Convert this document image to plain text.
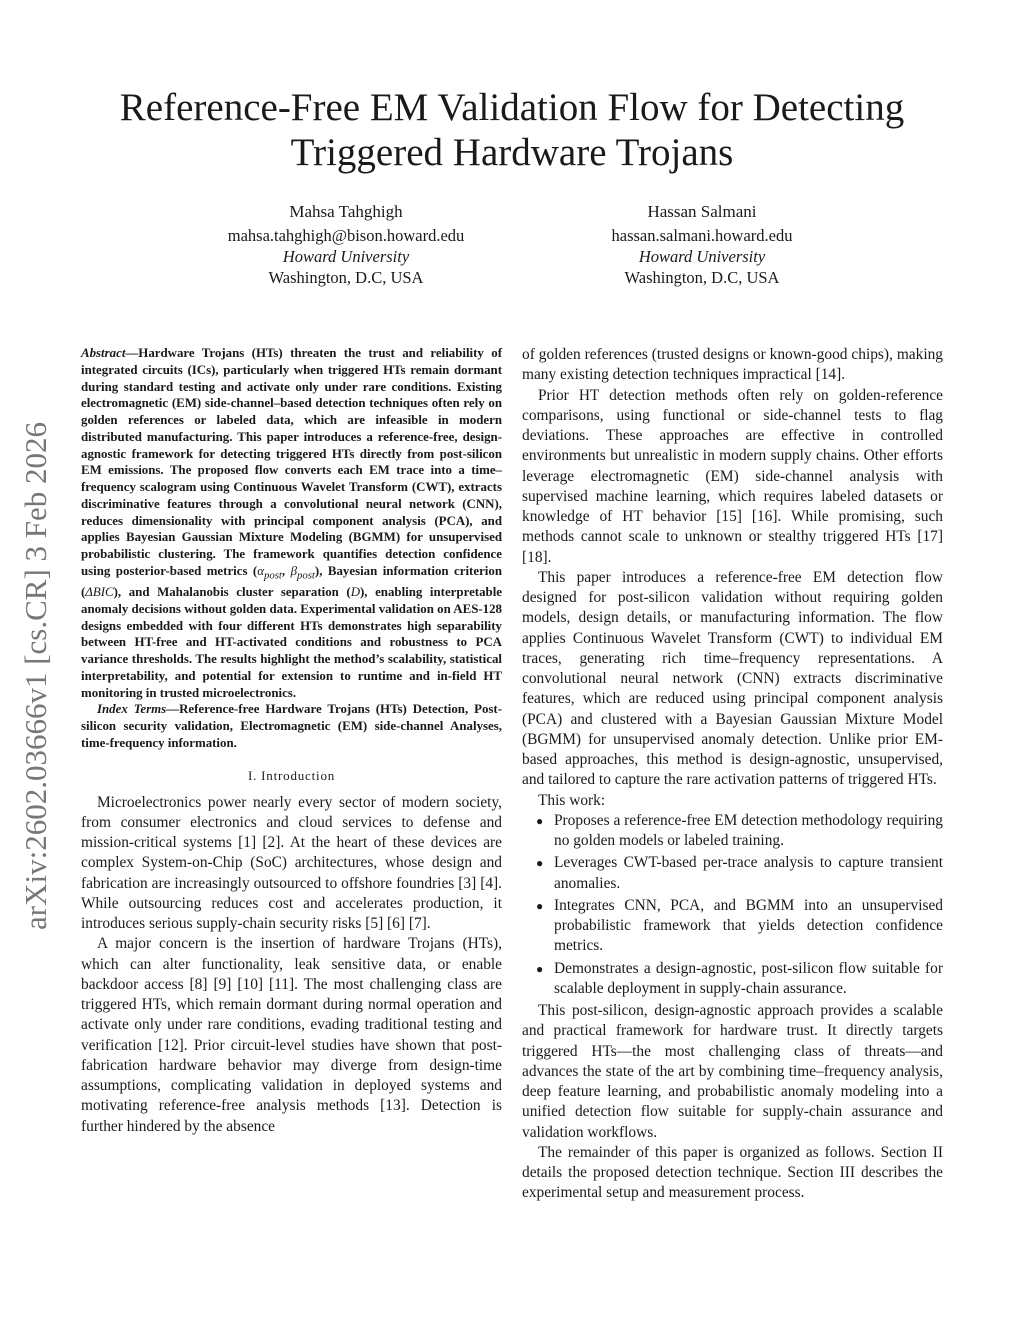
arXiv:2602.03666v1 [cs.CR] 3 Feb 2026
Reference-Free EM Validation Flow for Detecting Triggered Hardware Trojans
Mahsa Tahghigh
mahsa.tahghigh@bison.howard.edu
Howard University
Washington, D.C, USA
Hassan Salmani
hassan.salmani.howard.edu
Howard University
Washington, D.C, USA

Abstract—Hardware Trojans (HTs) threaten the trust and reliability of integrated circuits (ICs), particularly when triggered HTs remain dormant during standard testing and activate only under rare conditions. Existing electromagnetic (EM) side-channel–based detection techniques often rely on golden references or labeled data, which are infeasible in modern distributed manufacturing. This paper introduces a reference-free, design-agnostic framework for detecting triggered HTs directly from post-silicon EM emissions. The proposed flow converts each EM trace into a time–frequency scalogram using Continuous Wavelet Transform (CWT), extracts discriminative features through a convolutional neural network (CNN), reduces dimensionality with principal component analysis (PCA), and applies Bayesian Gaussian Mixture Modeling (BGMM) for unsupervised probabilistic clustering. The framework quantifies detection confidence using posterior-based metrics ($\alpha_{post}$, $\beta_{post}$), Bayesian information criterion (ΔBIC), and Mahalanobis cluster separation (D), enabling interpretable anomaly decisions without golden data. Experimental validation on AES-128 designs embedded with four different HTs demonstrates high separability between HT-free and HT-activated conditions and robustness to PCA variance thresholds. The results highlight the method’s scalability, statistical interpretability, and potential for extension to runtime and in-field HT monitoring in trusted microelectronics.

Index Terms—Reference-free Hardware Trojans (HTs) Detection, Post-silicon security validation, Electromagnetic (EM) side-channel Analyses, time-frequency information.

I. Introduction

Microelectronics power nearly every sector of modern society, from consumer electronics and cloud services to defense and mission-critical systems [1] [2]. At the heart of these devices are complex System-on-Chip (SoC) architectures, whose design and fabrication are increasingly outsourced to offshore foundries [3] [4]. While outsourcing reduces cost and accelerates production, it introduces serious supply-chain security risks [5] [6] [7].

A major concern is the insertion of hardware Trojans (HTs), which can alter functionality, leak sensitive data, or enable backdoor access [8] [9] [10] [11]. The most challenging class are triggered HTs, which remain dormant during normal operation and activate only under rare conditions, evading traditional testing and verification [12]. Prior circuit-level studies have shown that post-fabrication hardware behavior may diverge from design-time assumptions, complicating validation in deployed systems and motivating reference-free analysis methods [13]. Detection is further hindered by the absence

of golden references (trusted designs or known-good chips), making many existing detection techniques impractical [14].

Prior HT detection methods often rely on golden-reference comparisons, using functional or side-channel tests to flag deviations. These approaches are effective in controlled environments but unrealistic in modern supply chains. Other efforts leverage electromagnetic (EM) side-channel analysis with supervised machine learning, which requires labeled datasets or knowledge of HT behavior [15] [16]. While promising, such methods cannot scale to unknown or stealthy triggered HTs [17] [18].

This paper introduces a reference-free EM detection flow designed for post-silicon validation without requiring golden models, design details, or manufacturing information. The flow applies Continuous Wavelet Transform (CWT) to individual EM traces, generating rich time–frequency representations. A convolutional neural network (CNN) extracts discriminative features, which are reduced using principal component analysis (PCA) and clustered with a Bayesian Gaussian Mixture Model (BGMM) for unsupervised anomaly detection. Unlike prior EM-based approaches, this method is design-agnostic, unsupervised, and tailored to capture the rare activation patterns of triggered HTs.

This work:
● Proposes a reference-free EM detection methodology requiring no golden models or labeled training.
● Leverages CWT-based per-trace analysis to capture transient anomalies.
● Integrates CNN, PCA, and BGMM into an unsupervised probabilistic framework that yields detection confidence metrics.
● Demonstrates a design-agnostic, post-silicon flow suitable for scalable deployment in supply-chain assurance.

This post-silicon, design-agnostic approach provides a scalable and practical framework for hardware trust. It directly targets triggered HTs—the most challenging class of threats—and advances the state of the art by combining time–frequency analysis, deep feature learning, and probabilistic anomaly modeling into a unified detection flow suitable for supply-chain assurance and validation workflows.

The remainder of this paper is organized as follows. Section II details the proposed detection technique. Section III describes the experimental setup and measurement process.
